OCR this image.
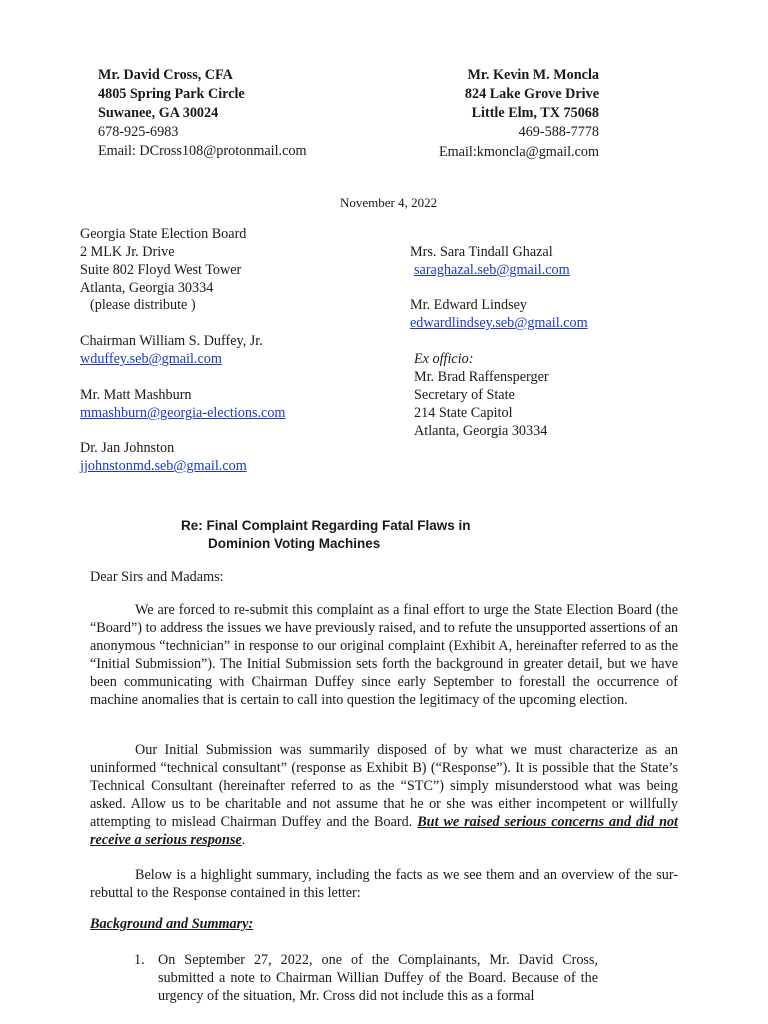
Mr. David Cross, CFA
4805 Spring Park Circle
Suwanee, GA 30024
678-925-6983
Email: DCross108@protonmail.com
Mr. Kevin M. Moncla
824 Lake Grove Drive
Little Elm, TX 75068
469-588-7778
Email:kmoncla@gmail.com
November 4, 2022
Georgia State Election Board
2 MLK Jr. Drive
Suite 802 Floyd West Tower
Atlanta, Georgia 30334
(please distribute )
Chairman William S. Duffey, Jr.
wduffey.seb@gmail.com
Mr. Matt Mashburn
mmashburn@georgia-elections.com
Dr. Jan Johnston
jjohnstonmd.seb@gmail.com
Mrs. Sara Tindall Ghazal
saraghazal.seb@gmail.com
Mr. Edward Lindsey
edwardlindsey.seb@gmail.com
Ex officio:
Mr. Brad Raffensperger
Secretary of State
214 State Capitol
Atlanta, Georgia 30334
Re: Final Complaint Regarding Fatal Flaws in
Dominion Voting Machines
Dear Sirs and Madams:
We are forced to re-submit this complaint as a final effort to urge the State Election Board (the “Board”) to address the issues we have previously raised, and to refute the unsupported assertions of an anonymous “technician” in response to our original complaint (Exhibit A, hereinafter referred to as the “Initial Submission”). The Initial Submission sets forth the background in greater detail, but we have been communicating with Chairman Duffey since early September to forestall the occurrence of machine anomalies that is certain to call into question the legitimacy of the upcoming election.
Our Initial Submission was summarily disposed of by what we must characterize as an uninformed “technical consultant” (response as Exhibit B) (“Response”). It is possible that the State’s Technical Consultant (hereinafter referred to as the “STC”) simply misunderstood what was being asked. Allow us to be charitable and not assume that he or she was either incompetent or willfully attempting to mislead Chairman Duffey and the Board. But we raised serious concerns and did not receive a serious response.
Below is a highlight summary, including the facts as we see them and an overview of the sur-rebuttal to the Response contained in this letter:
Background and Summary:
1. On September 27, 2022, one of the Complainants, Mr. David Cross, submitted a note to Chairman Willian Duffey of the Board. Because of the urgency of the situation, Mr. Cross did not include this as a formal
